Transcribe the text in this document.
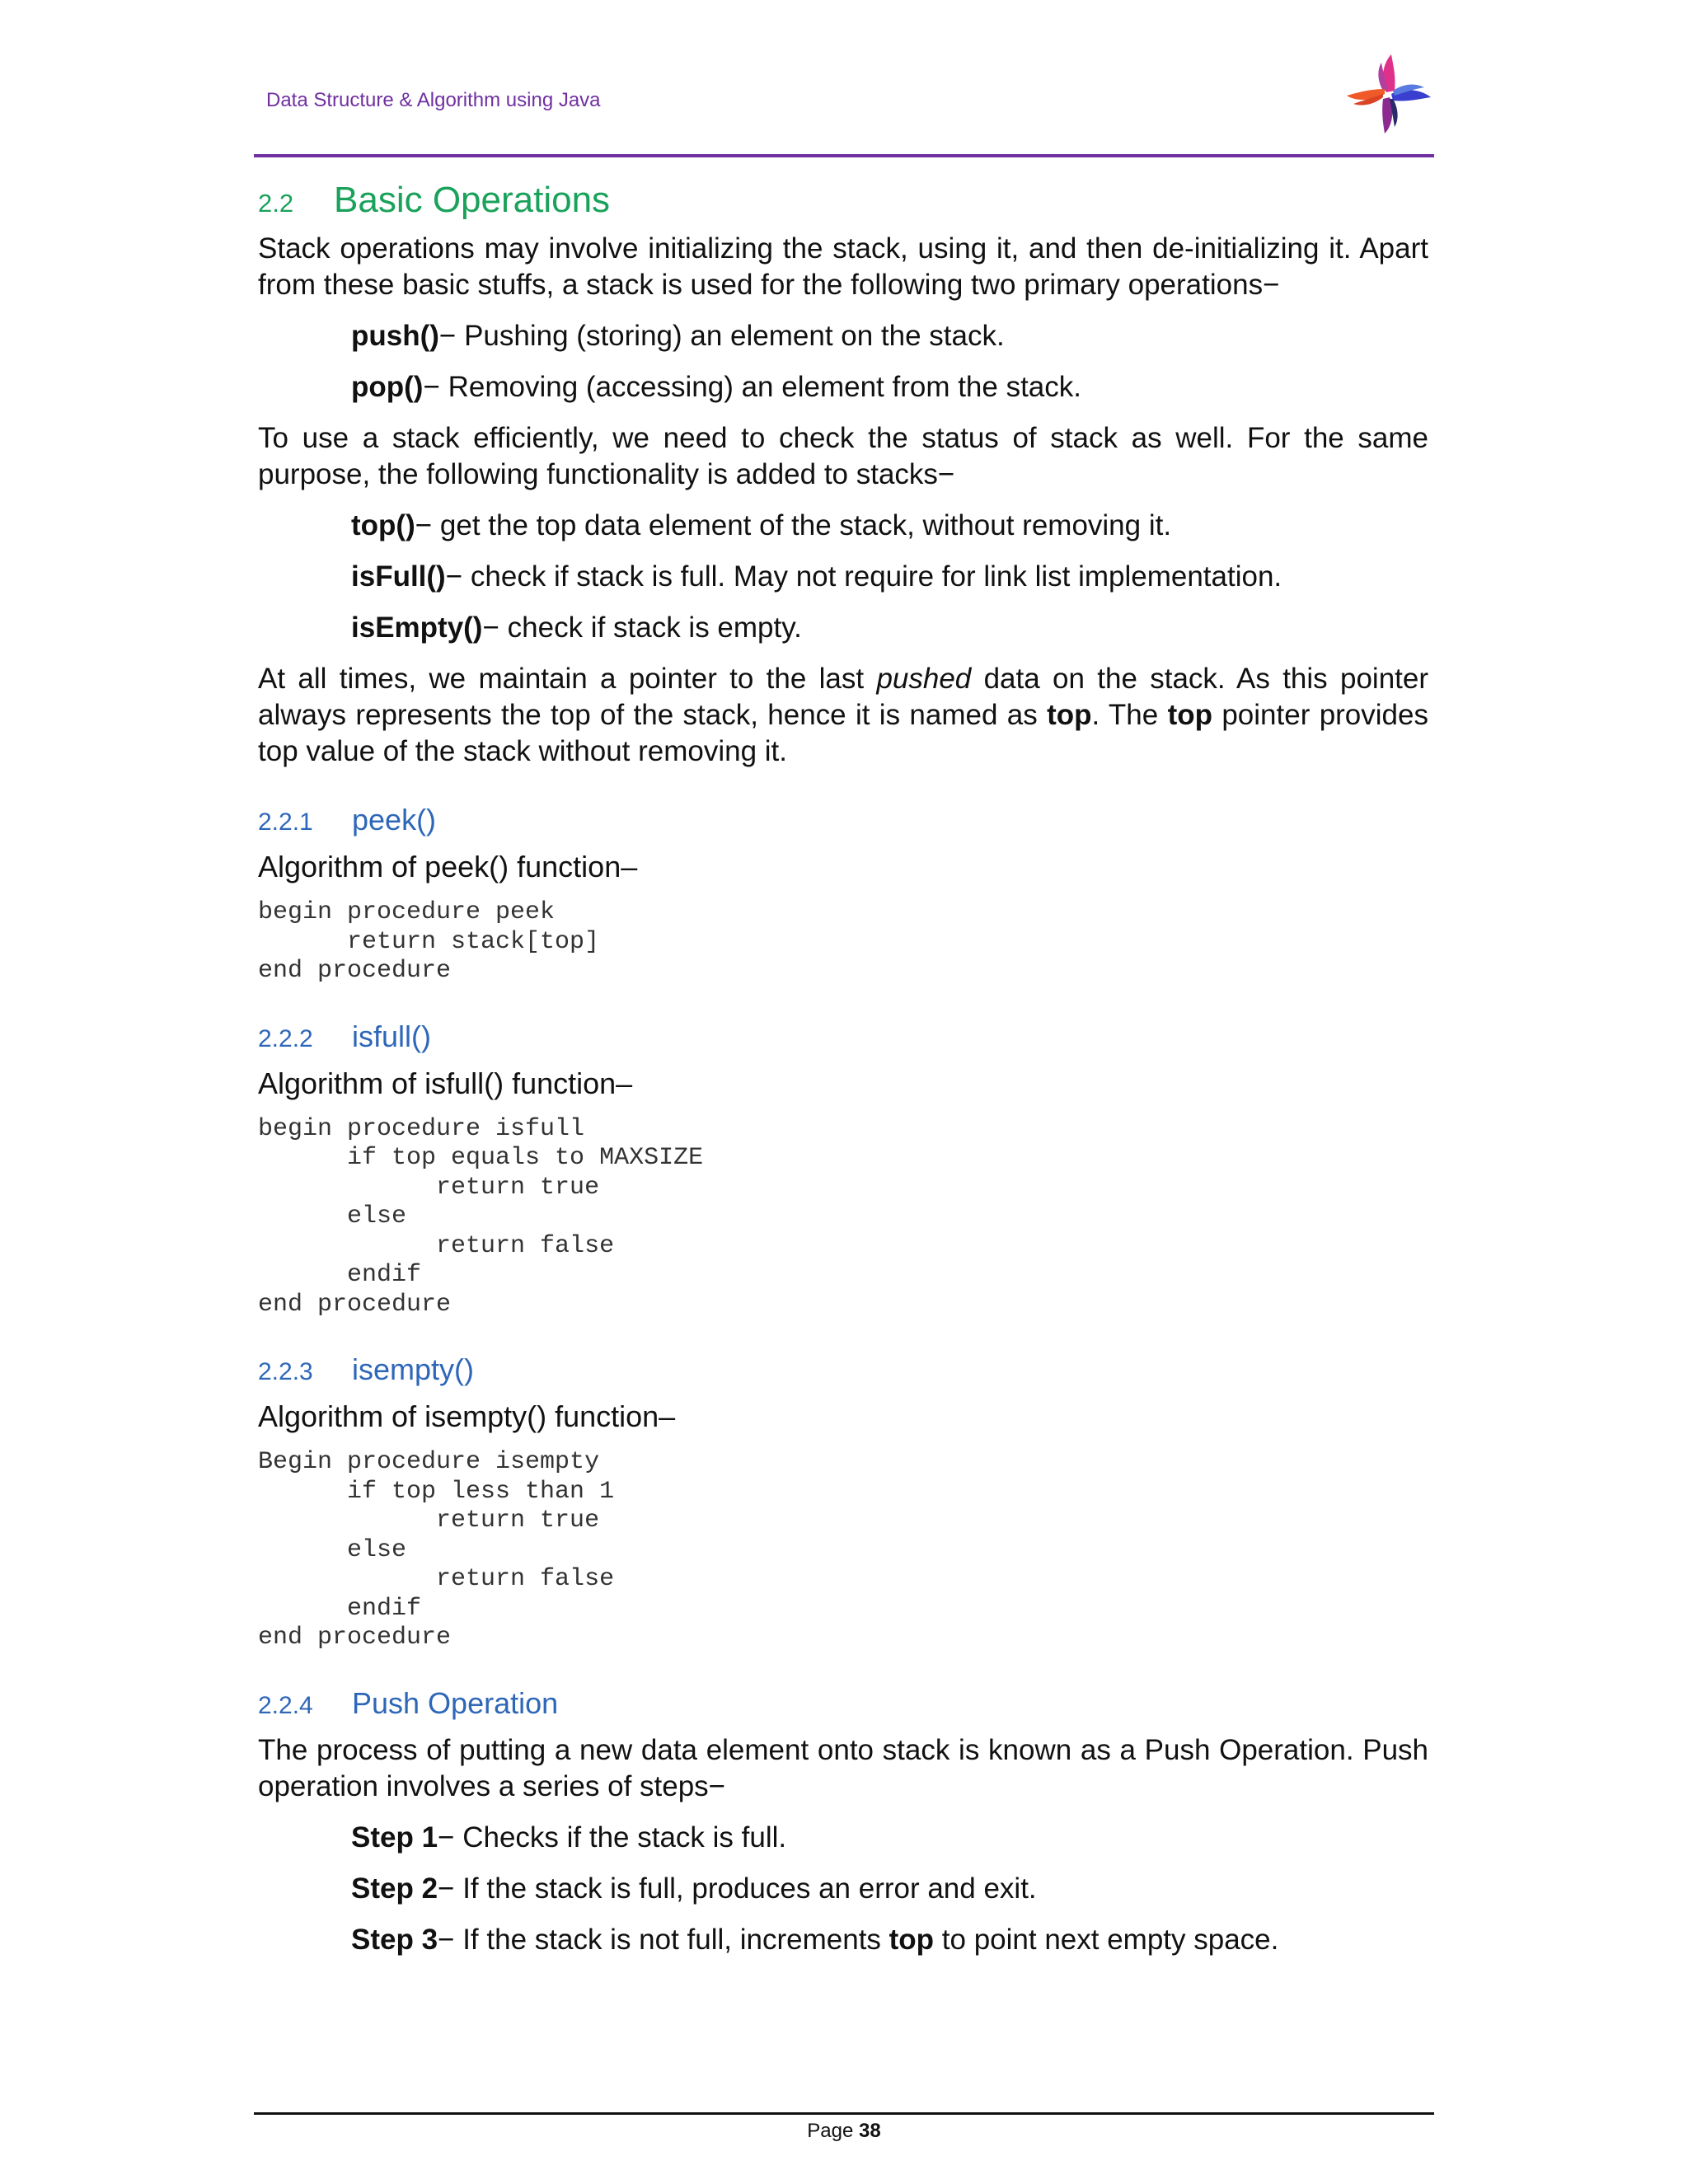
Data Structure & Algorithm using Java
2.2	Basic Operations

Stack operations may involve initializing the stack, using it, and then de-initializing it. Apart from these basic stuffs, a stack is used for the following two primary operations−

push()− Pushing (storing) an element on the stack.
pop()− Removing (accessing) an element from the stack.

To use a stack efficiently, we need to check the status of stack as well. For the same purpose, the following functionality is added to stacks−

top()− get the top data element of the stack, without removing it.
isFull()− check if stack is full. May not require for link list implementation.
isEmpty()− check if stack is empty.

At all times, we maintain a pointer to the last pushed data on the stack. As this pointer always represents the top of the stack, hence it is named as top. The top pointer provides top value of the stack without removing it.

2.2.1	peek()
Algorithm of peek() function–
begin procedure peek
return stack[top]
end procedure
2.2.2	isfull()
Algorithm of isfull() function–
begin procedure isfull
if top equals to MAXSIZE
return true
else
return false
endif
end procedure
2.2.3	isempty()
Algorithm of isempty() function–
Begin procedure isempty
if top less than 1
return true
else
return false
endif
end procedure
2.2.4	Push Operation

The process of putting a new data element onto stack is known as a Push Operation. Push operation involves a series of steps−

Step 1− Checks if the stack is full.
Step 2− If the stack is full, produces an error and exit.
Step 3− If the stack is not full, increments top to point next empty space.
Page 38
